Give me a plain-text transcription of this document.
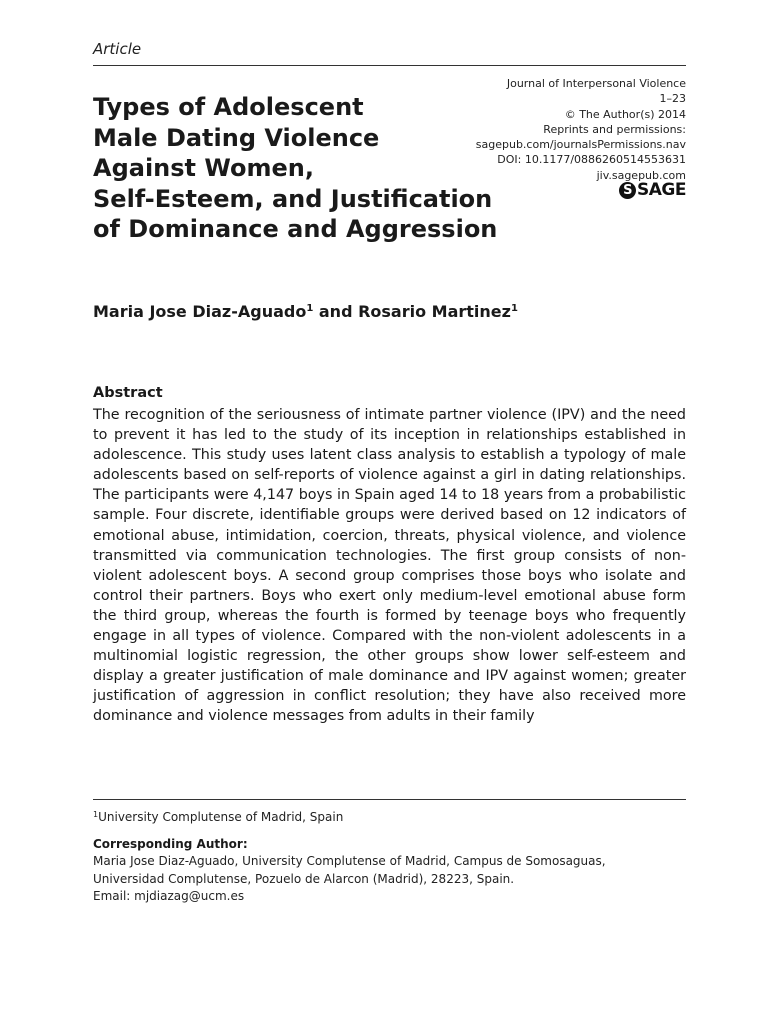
Article
Types of Adolescent
Male Dating Violence
Against Women,
Self-Esteem, and Justification
of Dominance and Aggression
Journal of Interpersonal Violence
1–23
© The Author(s) 2014
Reprints and permissions:
sagepub.com/journalsPermissions.nav
DOI: 10.1177/0886260514553631
jiv.sagepub.com
S SAGE
Maria Jose Diaz-Aguado$^1$ and Rosario Martinez$^1$
Abstract

The recognition of the seriousness of intimate partner violence (IPV) and the need to prevent it has led to the study of its inception in relationships established in adolescence. This study uses latent class analysis to establish a typology of male adolescents based on self-reports of violence against a girl in dating relationships. The participants were 4,147 boys in Spain aged 14 to 18 years from a probabilistic sample. Four discrete, identifiable groups were derived based on 12 indicators of emotional abuse, intimidation, coercion, threats, physical violence, and violence transmitted via communication technologies. The first group consists of non-violent adolescent boys. A second group comprises those boys who isolate and control their partners. Boys who exert only medium-level emotional abuse form the third group, whereas the fourth is formed by teenage boys who frequently engage in all types of violence. Compared with the non-violent adolescents in a multinomial logistic regression, the other groups show lower self-esteem and display a greater justification of male dominance and IPV against women; greater justification of aggression in conflict resolution; they have also received more dominance and violence messages from adults in their family

$^1$University Complutense of Madrid, Spain
Corresponding Author:
Maria Jose Diaz-Aguado, University Complutense of Madrid, Campus de Somosaguas,
Universidad Complutense, Pozuelo de Alarcon (Madrid), 28223, Spain.
Email: mjdiazag@ucm.es
